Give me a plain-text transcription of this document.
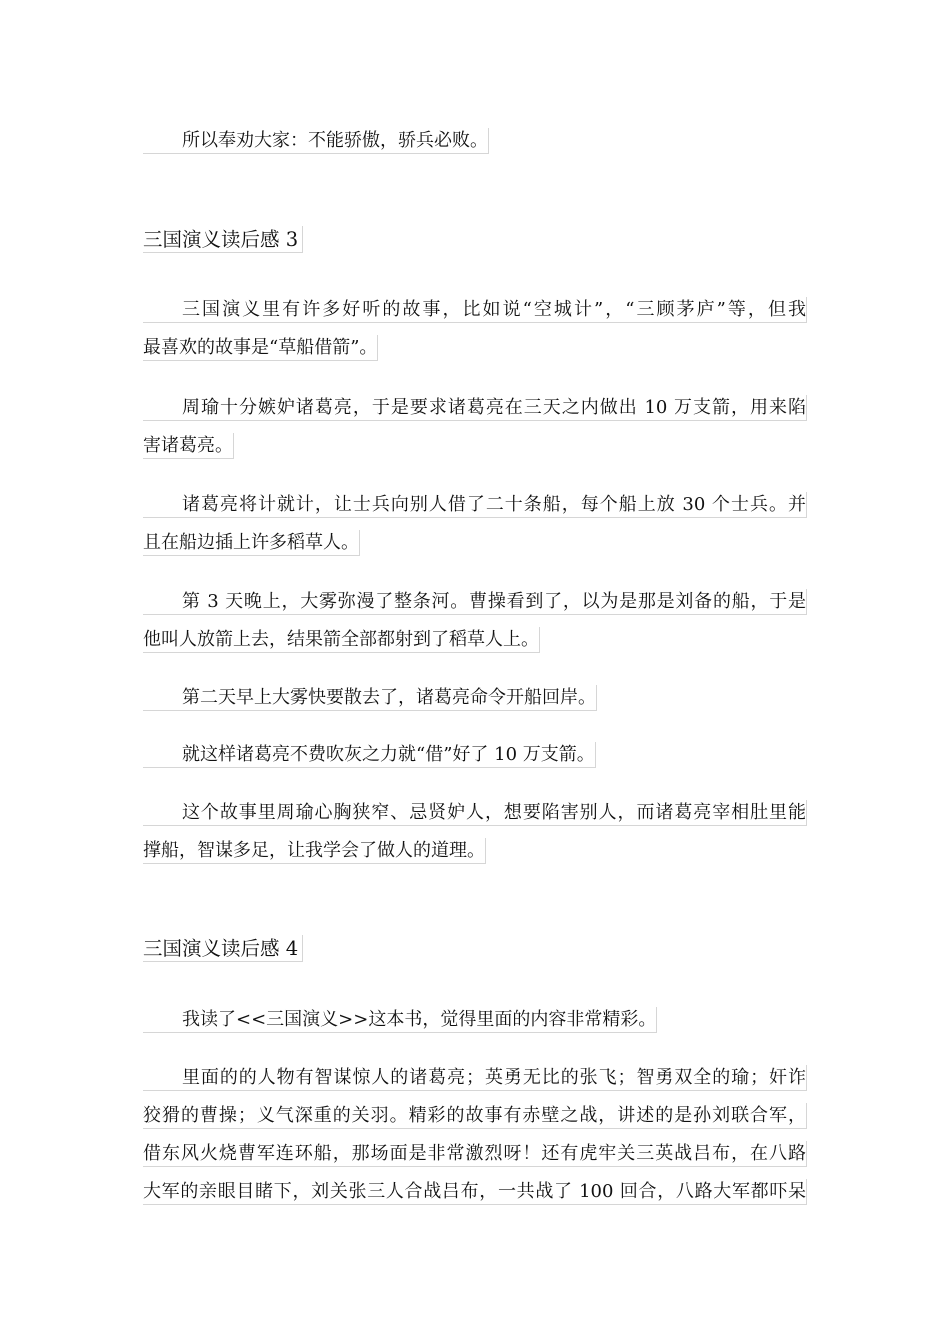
所以奉劝大家：不能骄傲，骄兵必败。
三国演义读后感 3
三国演义里有许多好听的故事，比如说“空城计”，“三顾茅庐”等，但我
最喜欢的故事是“草船借箭”。
周瑜十分嫉妒诸葛亮，于是要求诸葛亮在三天之内做出 10 万支箭，用来陷
害诸葛亮。
诸葛亮将计就计，让士兵向别人借了二十条船，每个船上放 30 个士兵。并
且在船边插上许多稻草人。
第 3 天晚上，大雾弥漫了整条河。曹操看到了，以为是那是刘备的船，于是
他叫人放箭上去，结果箭全部都射到了稻草人上。
第二天早上大雾快要散去了，诸葛亮命令开船回岸。
就这样诸葛亮不费吹灰之力就“借”好了 10 万支箭。
这个故事里周瑜心胸狭窄、忌贤妒人，想要陷害别人，而诸葛亮宰相肚里能
撑船，智谋多足，让我学会了做人的道理。
三国演义读后感 4
我读了<<三国演义>>这本书，觉得里面的内容非常精彩。
里面的的人物有智谋惊人的诸葛亮；英勇无比的张飞；智勇双全的瑜；奸诈
狡猾的曹操；义气深重的关羽。精彩的故事有赤壁之战，讲述的是孙刘联合军，
借东风火烧曹军连环船，那场面是非常激烈呀！还有虎牢关三英战吕布，在八路
大军的亲眼目睹下，刘关张三人合战吕布，一共战了 100 回合，八路大军都吓呆
